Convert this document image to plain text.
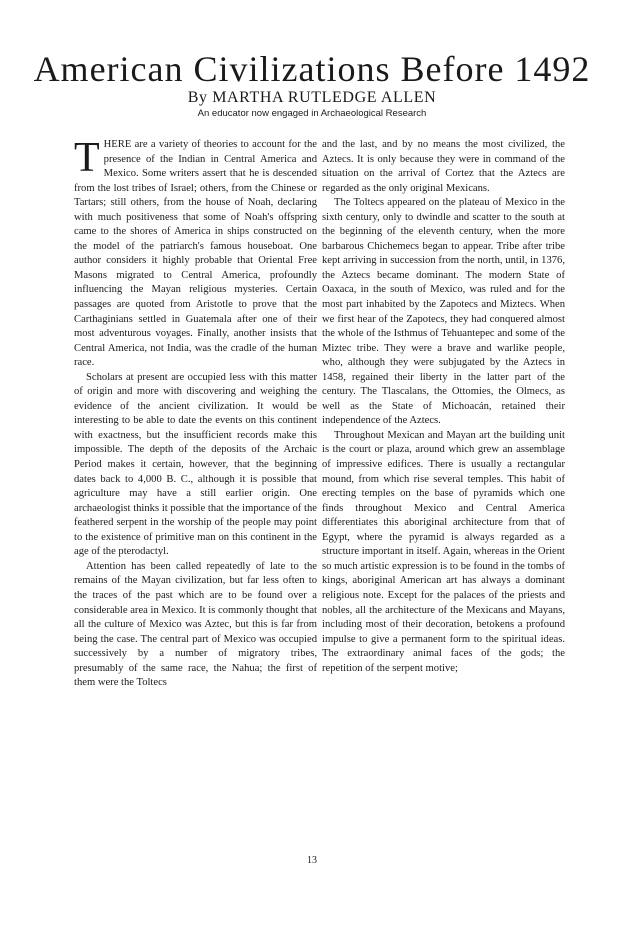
American Civilizations Before 1492
By MARTHA RUTLEDGE ALLEN
An educator now engaged in Archaeological Research

THERE are a variety of theories to account for the presence of the Indian in Central America and Mexico. Some writers assert that he is descended from the lost tribes of Israel; others, from the Chinese or Tartars; still others, from the house of Noah, declaring with much positiveness that some of Noah's offspring came to the shores of America in ships constructed on the model of the patriarch's famous houseboat. One author considers it highly probable that Oriental Free Masons migrated to Central America, profoundly influencing the Mayan religious mysteries. Certain passages are quoted from Aristotle to prove that the Carthaginians settled in Guatemala after one of their most adventurous voyages. Finally, another insists that Central America, not India, was the cradle of the human race.

Scholars at present are occupied less with this matter of origin and more with discovering and weighing the evidence of the ancient civilization. It would be interesting to be able to date the events on this continent with exactness, but the insufficient records make this impossible. The depth of the deposits of the Archaic Period makes it certain, however, that the beginning dates back to 4,000 B. C., although it is possible that agriculture may have a still earlier origin. One archaeologist thinks it possible that the importance of the feathered serpent in the worship of the people may point to the existence of primitive man on this continent in the age of the pterodactyl.

Attention has been called repeatedly of late to the remains of the Mayan civilization, but far less often to the traces of the past which are to be found over a considerable area in Mexico. It is commonly thought that all the culture of Mexico was Aztec, but this is far from being the case. The central part of Mexico was occupied successively by a number of migratory tribes, presumably of the same race, the Nahua; the first of them were the Toltecs

and the last, and by no means the most civilized, the Aztecs. It is only because they were in command of the situation on the arrival of Cortez that the Aztecs are regarded as the only original Mexicans.

The Toltecs appeared on the plateau of Mexico in the sixth century, only to dwindle and scatter to the south at the beginning of the eleventh century, when the more barbarous Chichemecs began to appear. Tribe after tribe kept arriving in succession from the north, until, in 1376, the Aztecs became dominant. The modern State of Oaxaca, in the south of Mexico, was ruled and for the most part inhabited by the Zapotecs and Miztecs. When we first hear of the Zapotecs, they had conquered almost the whole of the Isthmus of Tehuantepec and some of the Miztec tribe. They were a brave and warlike people, who, although they were subjugated by the Aztecs in 1458, regained their liberty in the latter part of the century. The Tlascalans, the Ottomies, the Olmecs, as well as the State of Michoacán, retained their independence of the Aztecs.

Throughout Mexican and Mayan art the building unit is the court or plaza, around which grew an assemblage of impressive edifices. There is usually a rectangular mound, from which rise several temples. This habit of erecting temples on the base of pyramids which one finds throughout Mexico and Central America differentiates this aboriginal architecture from that of Egypt, where the pyramid is always regarded as a structure important in itself. Again, whereas in the Orient so much artistic expression is to be found in the tombs of kings, aboriginal American art has always a dominant religious note. Except for the palaces of the priests and nobles, all the architecture of the Mexicans and Mayans, including most of their decoration, betokens a profound impulse to give a permanent form to the spiritual ideas. The extraordinary animal faces of the gods; the repetition of the serpent motive;

13
